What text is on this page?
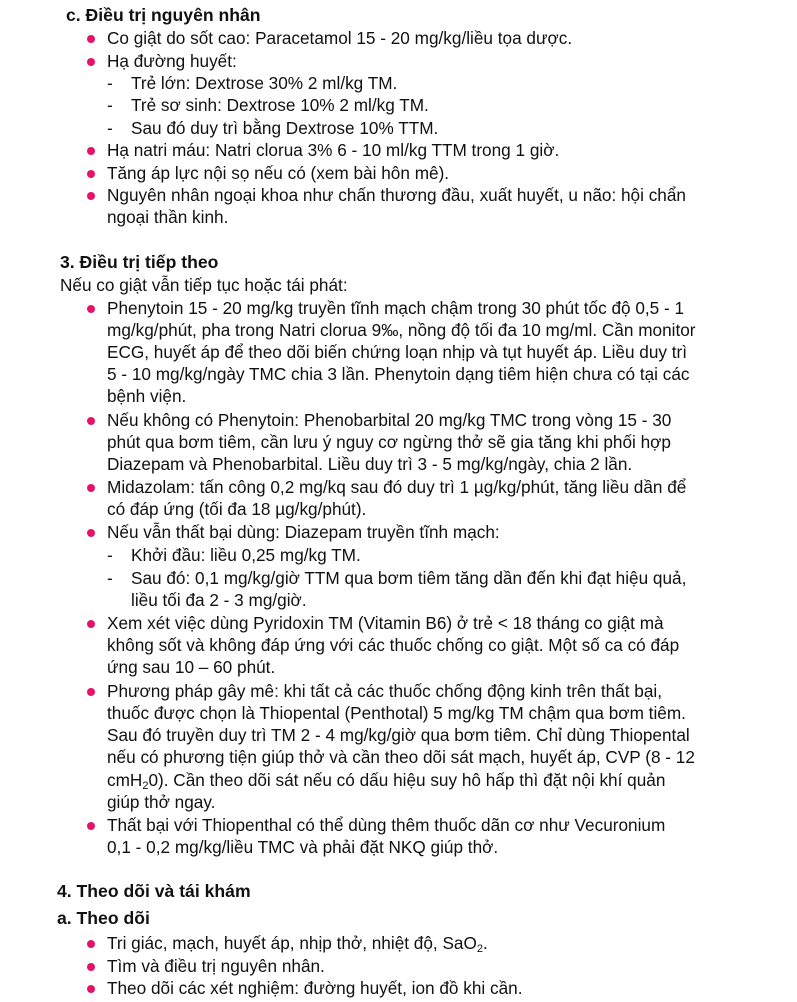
c. Điều trị nguyên nhân
Co giật do sốt cao: Paracetamol 15 - 20 mg/kg/liều tọa dược.
Hạ đường huyết:
- Trẻ lớn: Dextrose 30% 2 ml/kg TM.
- Trẻ sơ sinh: Dextrose 10% 2 ml/kg TM.
- Sau đó duy trì bằng Dextrose 10% TTM.
Hạ natri máu: Natri clorua 3% 6 - 10 ml/kg TTM trong 1 giờ.
Tăng áp lực nội sọ nếu có (xem bài hôn mê).
Nguyên nhân ngoại khoa như chấn thương đầu, xuất huyết, u não: hội chẩn
ngoại thần kinh.
3. Điều trị tiếp theo
Nếu co giật vẫn tiếp tục hoặc tái phát:
Phenytoin 15 - 20 mg/kg truyền tĩnh mạch chậm trong 30 phút tốc độ 0,5 - 1
mg/kg/phút, pha trong Natri clorua 9‰, nồng độ tối đa 10 mg/ml. Cần monitor
ECG, huyết áp để theo dõi biến chứng loạn nhịp và tụt huyết áp. Liều duy trì
5 - 10 mg/kg/ngày TMC chia 3 lần. Phenytoin dạng tiêm hiện chưa có tại các
bệnh viện.
Nếu không có Phenytoin: Phenobarbital 20 mg/kg TMC trong vòng 15 - 30
phút qua bơm tiêm, cần lưu ý nguy cơ ngừng thở sẽ gia tăng khi phối hợp
Diazepam và Phenobarbital. Liều duy trì 3 - 5 mg/kg/ngày, chia 2 lần.
Midazolam: tấn công 0,2 mg/kq sau đó duy trì 1 µg/kg/phút, tăng liều dần để
có đáp ứng (tối đa 18 µg/kg/phút).
Nếu vẫn thất bại dùng: Diazepam truyền tĩnh mạch:
- Khởi đầu: liều 0,25 mg/kg TM.
- Sau đó: 0,1 mg/kg/giờ TTM qua bơm tiêm tăng dần đến khi đạt hiệu quả,
liều tối đa 2 - 3 mg/giờ.
Xem xét việc dùng Pyridoxin TM (Vitamin B6) ở trẻ < 18 tháng co giật mà
không sốt và không đáp ứng với các thuốc chống co giật. Một số ca có đáp
ứng sau 10 – 60 phút.
Phương pháp gây mê: khi tất cả các thuốc chống động kinh trên thất bại,
thuốc được chọn là Thiopental (Penthotal) 5 mg/kg TM chậm qua bơm tiêm.
Sau đó truyền duy trì TM 2 - 4 mg/kg/giờ qua bơm tiêm. Chỉ dùng Thiopental
nếu có phương tiện giúp thở và cần theo dõi sát mạch, huyết áp, CVP (8 - 12
cmH$_2$0). Cần theo dõi sát nếu có dấu hiệu suy hô hấp thì đặt nội khí quản
giúp thở ngay.
Thất bại với Thiopenthal có thể dùng thêm thuốc dãn cơ như Vecuronium
0,1 - 0,2 mg/kg/liều TMC và phải đặt NKQ giúp thở.
4. Theo dõi và tái khám
a. Theo dõi
Tri giác, mạch, huyết áp, nhịp thở, nhiệt độ, SaO$_2$.
Tìm và điều trị nguyên nhân.
Theo dõi các xét nghiệm: đường huyết, ion đồ khi cần.
